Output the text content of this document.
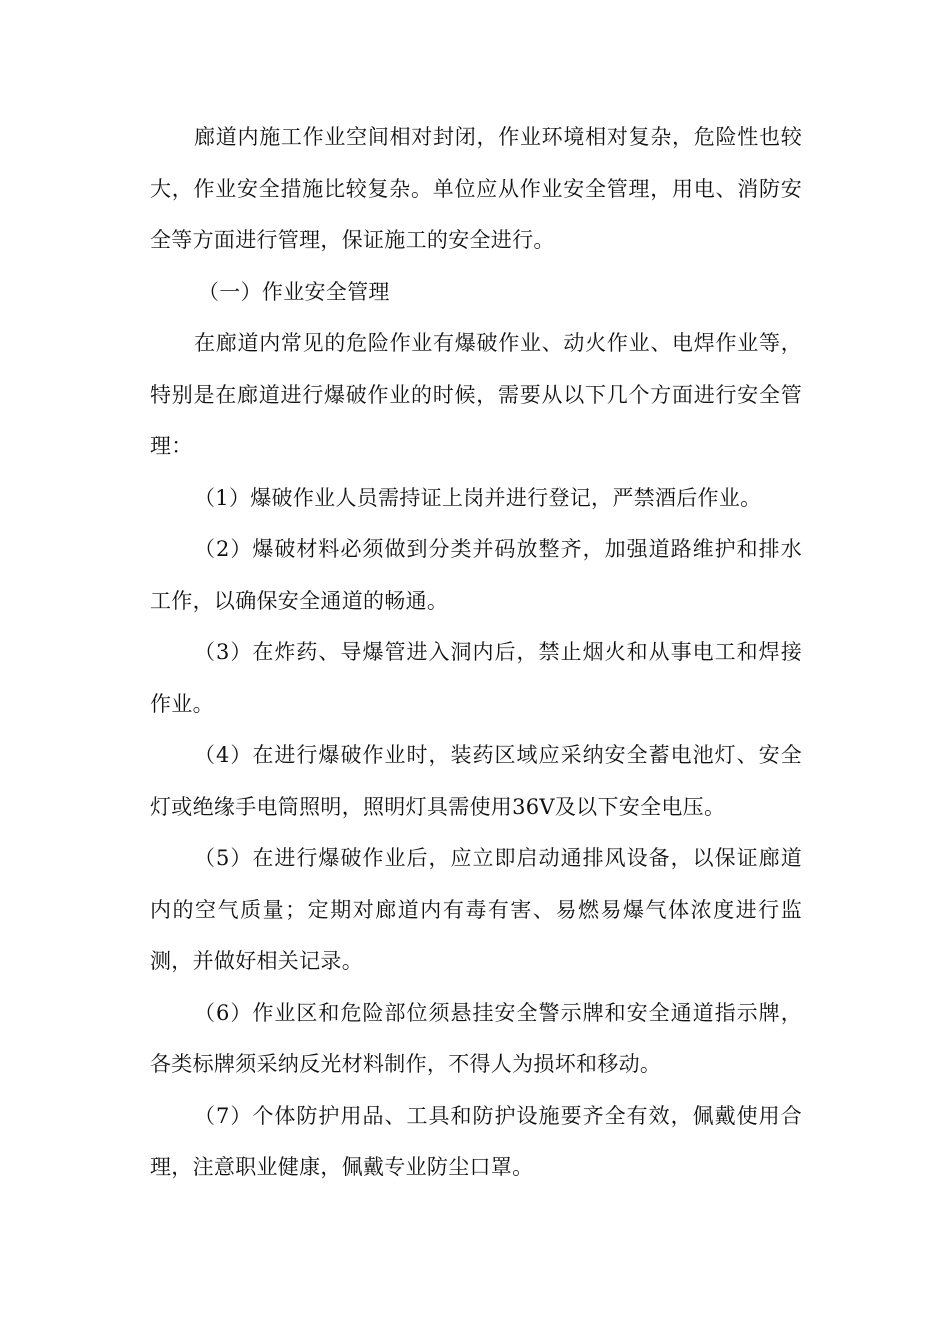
廊道内施工作业空间相对封闭，作业环境相对复杂，危险性也较大，作业安全措施比较复杂。单位应从作业安全管理，用电、消防安全等方面进行管理，保证施工的安全进行。

（一）作业安全管理

在廊道内常见的危险作业有爆破作业、动火作业、电焊作业等，特别是在廊道进行爆破作业的时候，需要从以下几个方面进行安全管理：

（1）爆破作业人员需持证上岗并进行登记，严禁酒后作业。

（2）爆破材料必须做到分类并码放整齐，加强道路维护和排水工作，以确保安全通道的畅通。

（3）在炸药、导爆管进入洞内后，禁止烟火和从事电工和焊接作业。

（4）在进行爆破作业时，装药区域应采纳安全蓄电池灯、安全灯或绝缘手电筒照明，照明灯具需使用36V及以下安全电压。

（5）在进行爆破作业后，应立即启动通排风设备，以保证廊道内的空气质量；定期对廊道内有毒有害、易燃易爆气体浓度进行监测，并做好相关记录。

（6）作业区和危险部位须悬挂安全警示牌和安全通道指示牌，各类标牌须采纳反光材料制作，不得人为损坏和移动。

（7）个体防护用品、工具和防护设施要齐全有效，佩戴使用合理，注意职业健康，佩戴专业防尘口罩。
